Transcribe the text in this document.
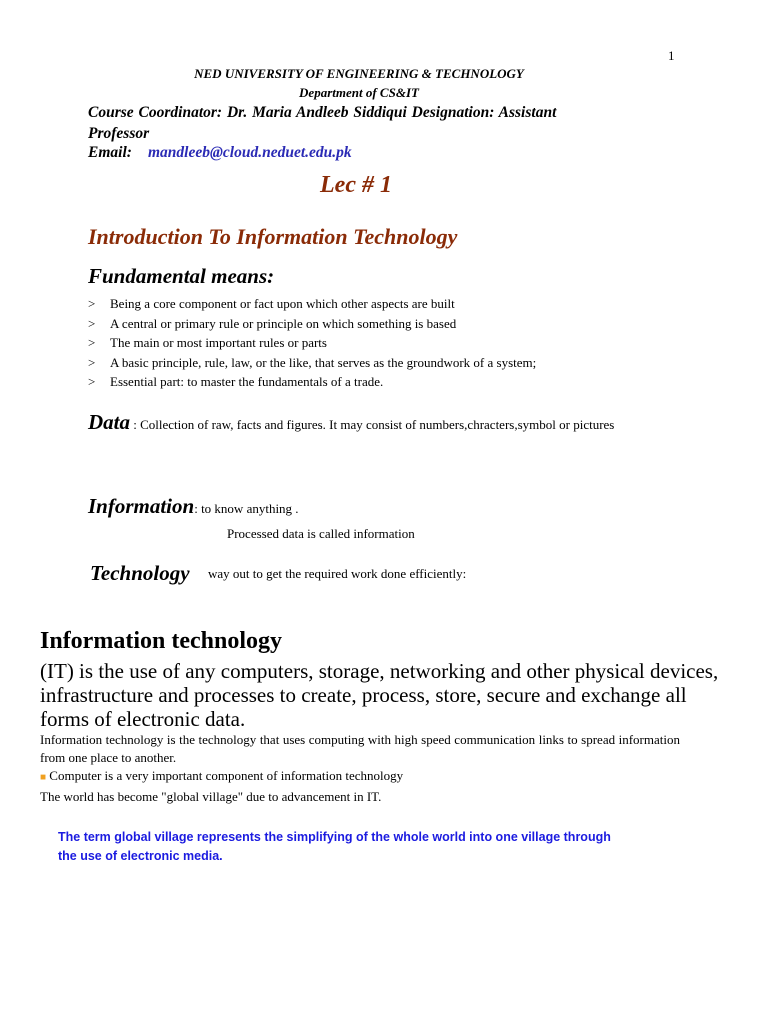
1
NED UNIVERSITY OF ENGINEERING & TECHNOLOGY
Department of CS&IT
Course Coordinator: Dr. Maria Andleeb Siddiqui Designation: Assistant Professor
Email: mandleeb@cloud.neduet.edu.pk
Lec # 1
Introduction To Information Technology
Fundamental means:
> Being a core component or fact upon which other aspects are built
> A central or primary rule or principle on which something is based
> The main or most important rules or parts
> A basic principle, rule, law, or the like, that serves as the groundwork of a system;
> Essential part: to master the fundamentals of a trade.
Data : Collection of raw, facts and figures. It may consist of numbers,chracters,symbol or pictures
Information: to know anything .
Processed data is called information
Technology way out to get the required work done efficiently:
Information technology
(IT) is the use of any computers, storage, networking and other physical devices, infrastructure and processes to create, process, store, secure and exchange all forms of electronic data.
Information technology is the technology that uses computing with high speed communication links to spread information from one place to another.
■ Computer is a very important component of information technology
The world has become "global village" due to advancement in IT.
The term global village represents the simplifying of the whole world into one village through the use of electronic media.
